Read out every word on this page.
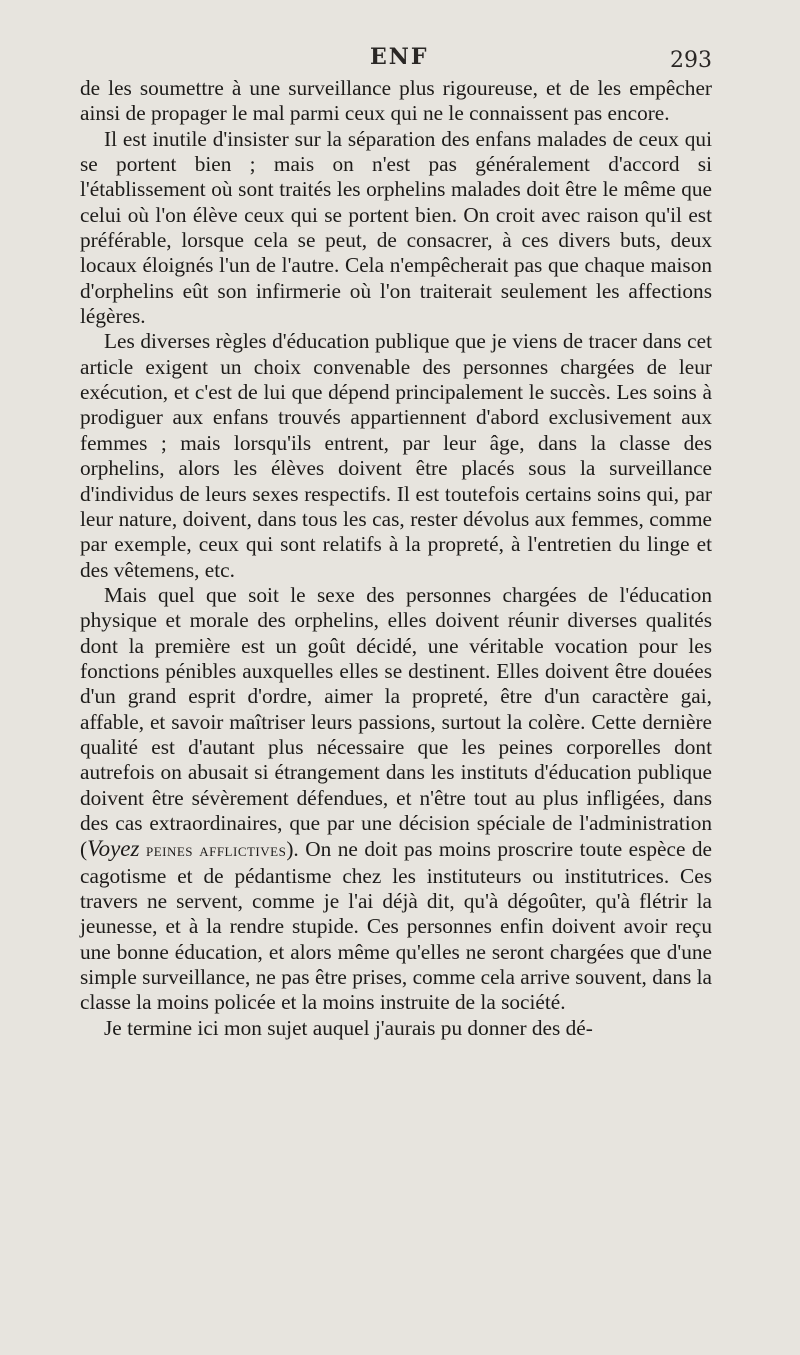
ENF	293

de les soumettre à une surveillance plus rigoureuse, et de les empêcher ainsi de propager le mal parmi ceux qui ne le connaissent pas encore.

Il est inutile d'insister sur la séparation des enfans malades de ceux qui se portent bien ; mais on n'est pas généralement d'accord si l'établissement où sont traités les orphelins malades doit être le même que celui où l'on élève ceux qui se portent bien. On croit avec raison qu'il est préférable, lorsque cela se peut, de consacrer, à ces divers buts, deux locaux éloignés l'un de l'autre. Cela n'empêcherait pas que chaque maison d'orphelins eût son infirmerie où l'on traiterait seulement les affections légères.

Les diverses règles d'éducation publique que je viens de tracer dans cet article exigent un choix convenable des personnes chargées de leur exécution, et c'est de lui que dépend principalement le succès. Les soins à prodiguer aux enfans trouvés appartiennent d'abord exclusivement aux femmes ; mais lorsqu'ils entrent, par leur âge, dans la classe des orphelins, alors les élèves doivent être placés sous la surveillance d'individus de leurs sexes respectifs. Il est toutefois certains soins qui, par leur nature, doivent, dans tous les cas, rester dévolus aux femmes, comme par exemple, ceux qui sont relatifs à la propreté, à l'entretien du linge et des vêtemens, etc.

Mais quel que soit le sexe des personnes chargées de l'éducation physique et morale des orphelins, elles doivent réunir diverses qualités dont la première est un goût décidé, une véritable vocation pour les fonctions pénibles auxquelles elles se destinent. Elles doivent être douées d'un grand esprit d'ordre, aimer la propreté, être d'un caractère gai, affable, et savoir maîtriser leurs passions, surtout la colère. Cette dernière qualité est d'autant plus nécessaire que les peines corporelles dont autrefois on abusait si étrangement dans les instituts d'éducation publique doivent être sévèrement défendues, et n'être tout au plus infligées, dans des cas extraordinaires, que par une décision spéciale de l'administration (Voyez peines afflictives). On ne doit pas moins proscrire toute espèce de cagotisme et de pédantisme chez les instituteurs ou institutrices. Ces travers ne servent, comme je l'ai déjà dit, qu'à dégoûter, qu'à flétrir la jeunesse, et à la rendre stupide. Ces personnes enfin doivent avoir reçu une bonne éducation, et alors même qu'elles ne seront chargées que d'une simple surveillance, ne pas être prises, comme cela arrive souvent, dans la classe la moins policée et la moins instruite de la société.

Je termine ici mon sujet auquel j'aurais pu donner des dé-
